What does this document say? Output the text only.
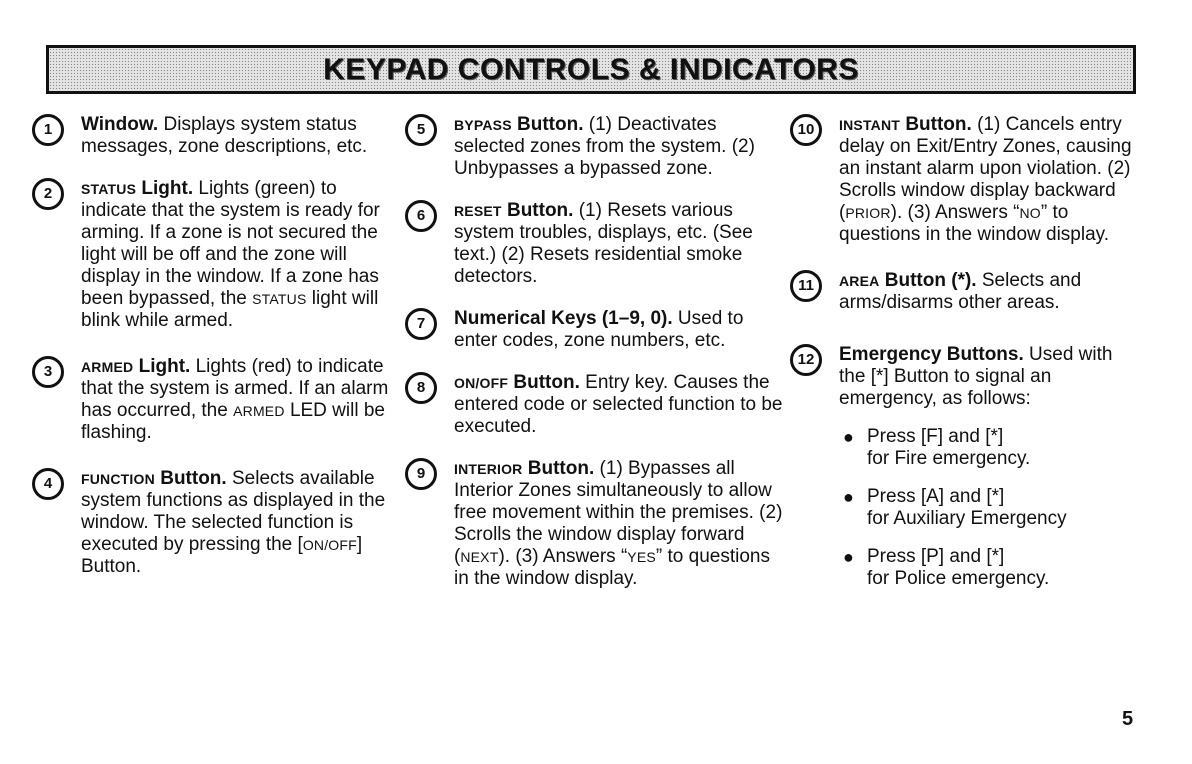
KEYPAD CONTROLS & INDICATORS
1	Window. Displays system status messages, zone descriptions, etc.
2	STATUS Light. Lights (green) to indicate that the system is ready for arming. If a zone is not secured the light will be off and the zone will display in the window. If a zone has been bypassed, the STATUS light will blink while armed.
3	ARMED Light. Lights (red) to indicate that the system is armed. If an alarm has occurred, the ARMED LED will be flashing.
4	FUNCTION Button. Selects available system functions as displayed in the window. The selected function is executed by pressing the [ON/OFF] Button.
5	BYPASS Button. (1) Deactivates selected zones from the system. (2) Unbypasses a bypassed zone.
6	RESET Button. (1) Resets various system troubles, displays, etc. (See text.) (2) Resets residential smoke detectors.
7	Numerical Keys (1–9, 0). Used to enter codes, zone numbers, etc.
8	ON/OFF Button. Entry key. Causes the entered code or selected function to be executed.
9	INTERIOR Button. (1) Bypasses all Interior Zones simultaneously to allow free movement within the premises. (2) Scrolls the window display forward (NEXT). (3) Answers “YES” to questions in the window display.
10	INSTANT Button. (1) Cancels entry delay on Exit/Entry Zones, causing an instant alarm upon violation. (2) Scrolls window display backward (PRIOR). (3) Answers “NO” to questions in the window display.
11	AREA Button (*). Selects and arms/disarms other areas.
12	Emergency Buttons. Used with the [*] Button to signal an emergency, as follows:
● Press [F] and [*]
for Fire emergency.
● Press [A] and [*]
for Auxiliary Emergency
● Press [P] and [*]
for Police emergency.
5
